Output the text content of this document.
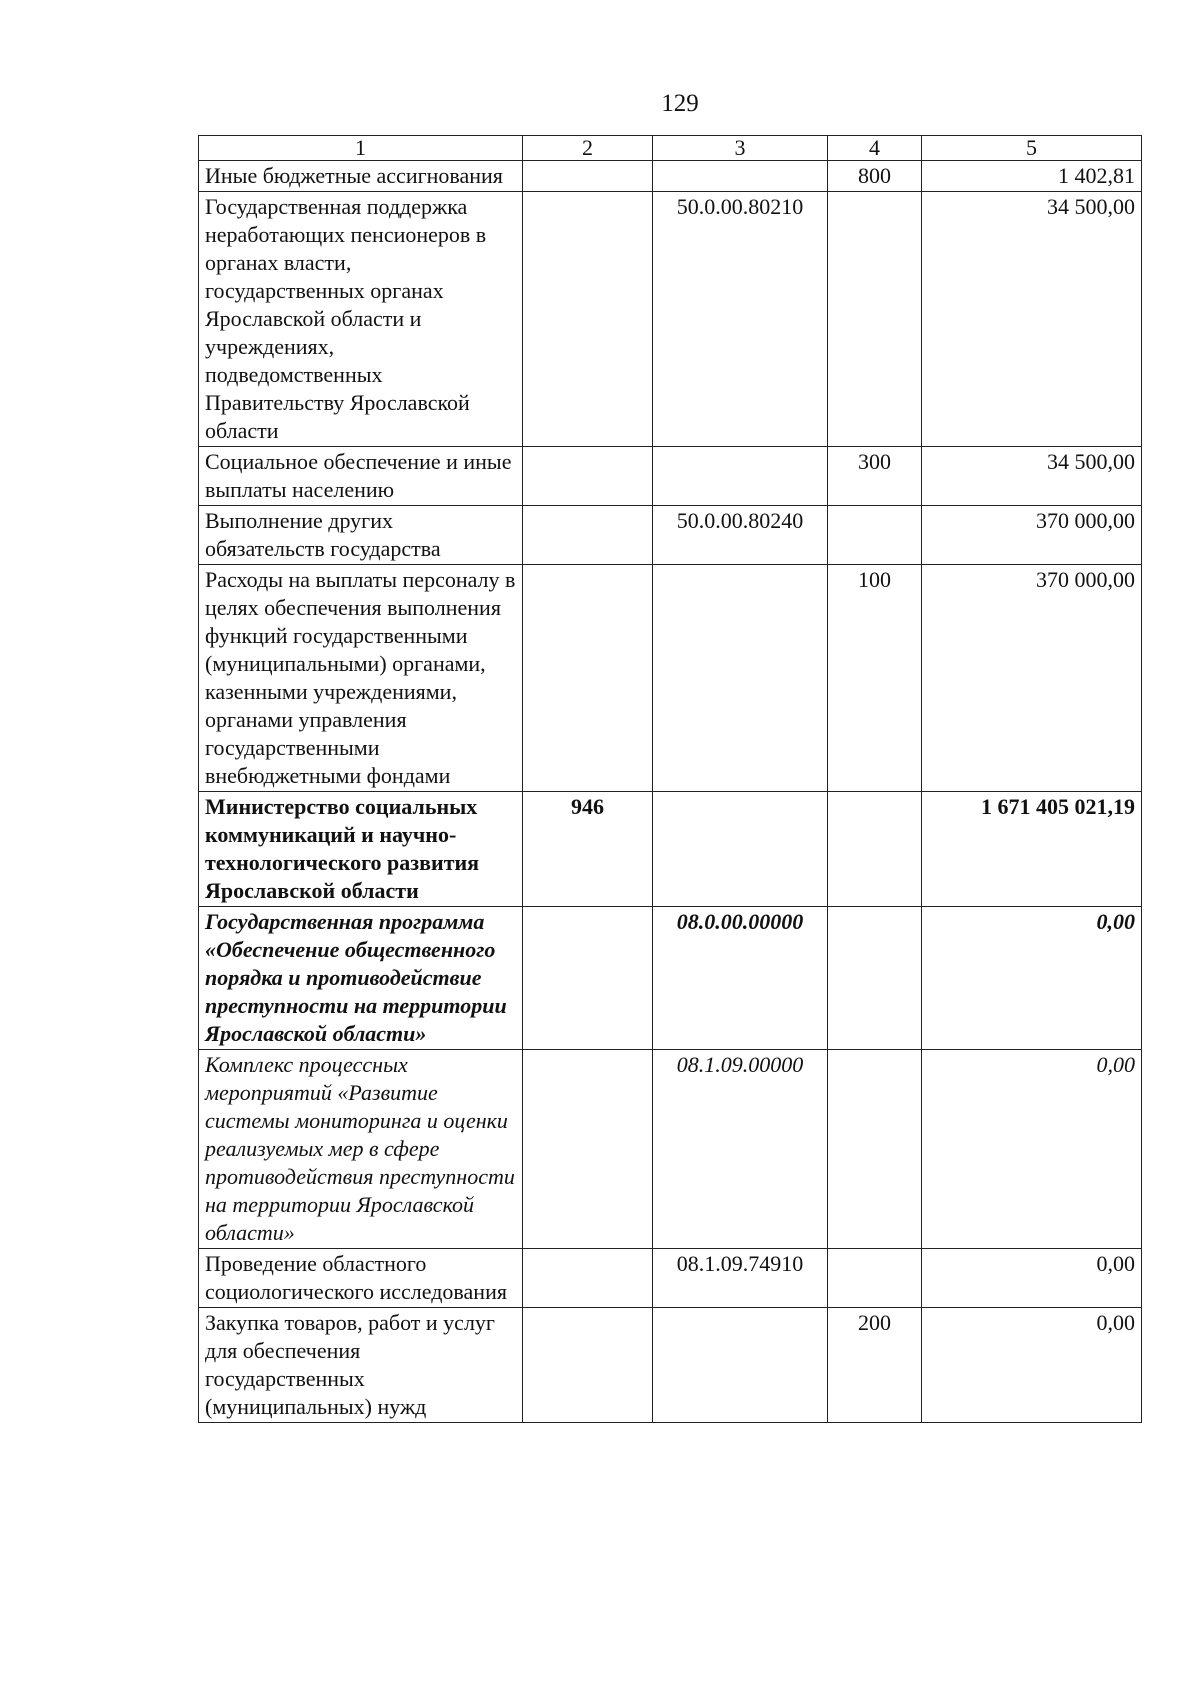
129
1	2	3	4	5
Иные бюджетные ассигнования			800	1 402,81
Государственная поддержка неработающих пенсионеров в органах власти, государственных органах Ярославской области и учреждениях, подведомственных Правительству Ярославской области		50.0.00.80210		34 500,00
Социальное обеспечение и иные выплаты населению			300	34 500,00
Выполнение других обязательств государства		50.0.00.80240		370 000,00
Расходы на выплаты персоналу в целях обеспечения выполнения функций государственными (муниципальными) органами, казенными учреждениями, органами управления государственными внебюджетными фондами			100	370 000,00
Министерство социальных коммуникаций и научно-технологического развития Ярославской области	946			1 671 405 021,19
Государственная программа «Обеспечение общественного порядка и противодействие преступности на территории Ярославской области»		08.0.00.00000		0,00
Комплекс процессных мероприятий «Развитие системы мониторинга и оценки реализуемых мер в сфере противодействия преступности на территории Ярославской области»		08.1.09.00000		0,00
Проведение областного социологического исследования		08.1.09.74910		0,00
Закупка товаров, работ и услуг для обеспечения государственных (муниципальных) нужд			200	0,00
